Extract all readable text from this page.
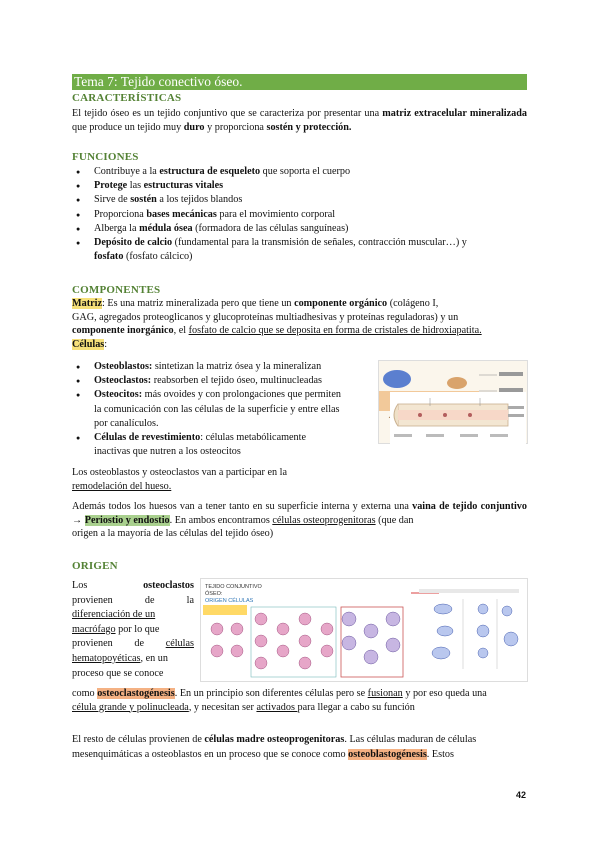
Tema 7: Tejido conectivo óseo.
CARACTERÍSTICAS
El tejido óseo es un tejido conjuntivo que se caracteriza por presentar una matriz extracelular mineralizada que produce un tejido muy duro y proporciona sostén y protección.
FUNCIONES
● Contribuye a la estructura de esqueleto que soporta el cuerpo
● Protege las estructuras vitales
● Sirve de sostén a los tejidos blandos
● Proporciona bases mecánicas para el movimiento corporal
● Alberga la médula ósea (formadora de las células sanguíneas)
● Depósito de calcio (fundamental para la transmisión de señales, contracción muscular…) y
fosfato (fosfato cálcico)
COMPONENTES
Matriz: Es una matriz mineralizada pero que tiene un componente orgánico (colágeno I,
GAG, agregados proteoglicanos y glucoproteínas multiadhesivas y proteínas reguladoras) y un
componente inorgánico, el fosfato de calcio que se deposita en forma de cristales de hidroxiapatita.
Células:
● Osteoblastos: sintetizan la matriz ósea y la mineralizan
● Osteoclastos: reabsorben el tejido óseo, multinucleadas
● Osteocitos: más ovoides y con prolongaciones que permiten
la comunicación con las células de la superficie y entre ellas
por canalículos.
● Células de revestimiento: células metabólicamente
inactivas que nutren a los osteocitos
Los osteoblastos y osteoclastos van a participar en la
remodelación del hueso.
Además todos los huesos van a tener tanto en su superficie interna y externa una vaina de tejido conjuntivo → Periostio y endostio. En ambos encontramos células osteoprogenitoras (que dan
origen a la mayoría de las células del tejido óseo)
ORIGEN
Los	osteoclastos
provienen	de	la
diferenciación de un
macrófago por lo que
provienen de células
hematopoyéticas, en un
proceso que se conoce
TEJIDO CONJUNTIVO
ÓSEO:
ORIGEN CÉLULAS
como osteoclastogénesis. En un principio son diferentes células pero se fusionan y por eso queda una
célula grande y polinucleada, y necesitan ser activados para llegar a cabo su función
El resto de células provienen de células madre osteoprogenitoras. Las células maduran de células
mesenquimáticas a osteoblastos en un proceso que se conoce como osteoblastogénesis. Estos
42
